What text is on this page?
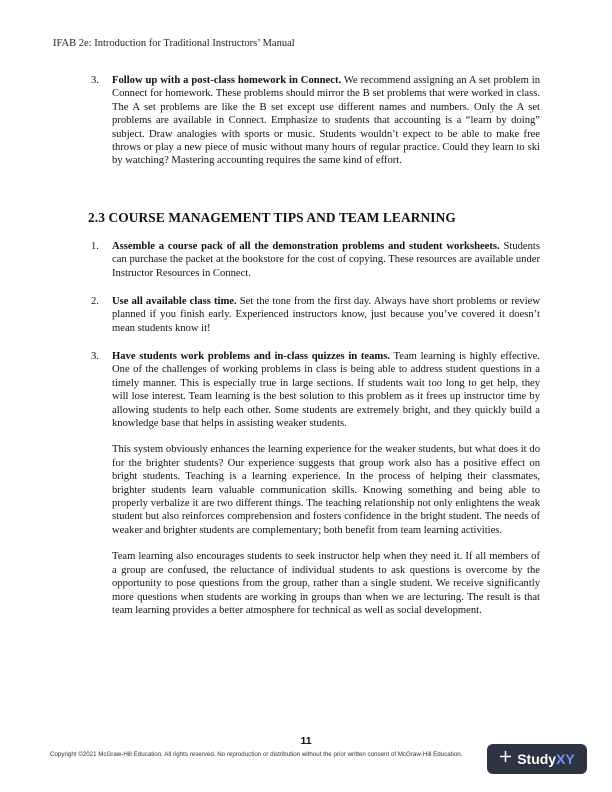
IFAB 2e: Introduction for Traditional Instructors’ Manual
3. Follow up with a post-class homework in Connect. We recommend assigning an A set problem in Connect for homework. These problems should mirror the B set problems that were worked in class. The A set problems are like the B set except use different names and numbers. Only the A set problems are available in Connect. Emphasize to students that accounting is a “learn by doing” subject. Draw analogies with sports or music. Students wouldn’t expect to be able to make free throws or play a new piece of music without many hours of regular practice. Could they learn to ski by watching? Mastering accounting requires the same kind of effort.

2.3 COURSE MANAGEMENT TIPS AND TEAM LEARNING
1. Assemble a course pack of all the demonstration problems and student worksheets. Students can purchase the packet at the bookstore for the cost of copying. These resources are available under Instructor Resources in Connect.

2. Use all available class time. Set the tone from the first day. Always have short problems or review planned if you finish early. Experienced instructors know, just because you’ve covered it doesn’t mean students know it!

3. Have students work problems and in-class quizzes in teams. Team learning is highly effective. One of the challenges of working problems in class is being able to address student questions in a timely manner. This is especially true in large sections. If students wait too long to get help, they will lose interest. Team learning is the best solution to this problem as it frees up instructor time by allowing students to help each other. Some students are extremely bright, and they quickly build a knowledge base that helps in assisting weaker students.

This system obviously enhances the learning experience for the weaker students, but what does it do for the brighter students? Our experience suggests that group work also has a positive effect on bright students. Teaching is a learning experience. In the process of helping their classmates, brighter students learn valuable communication skills. Knowing something and being able to properly verbalize it are two different things. The teaching relationship not only enlightens the weak student but also reinforces comprehension and fosters confidence in the bright student. The needs of weaker and brighter students are complementary; both benefit from team learning activities.

Team learning also encourages students to seek instructor help when they need it. If all members of a group are confused, the reluctance of individual students to ask questions is overcome by the opportunity to pose questions from the group, rather than a single student. We receive significantly more questions when students are working in groups than when we are lecturing. The result is that team learning provides a better atmosphere for technical as well as social development.

11
Copyright ©2021 McGraw-Hill Education. All rights reserved. No reproduction or distribution without the prior written consent of McGraw-Hill Education.	StudyXY
